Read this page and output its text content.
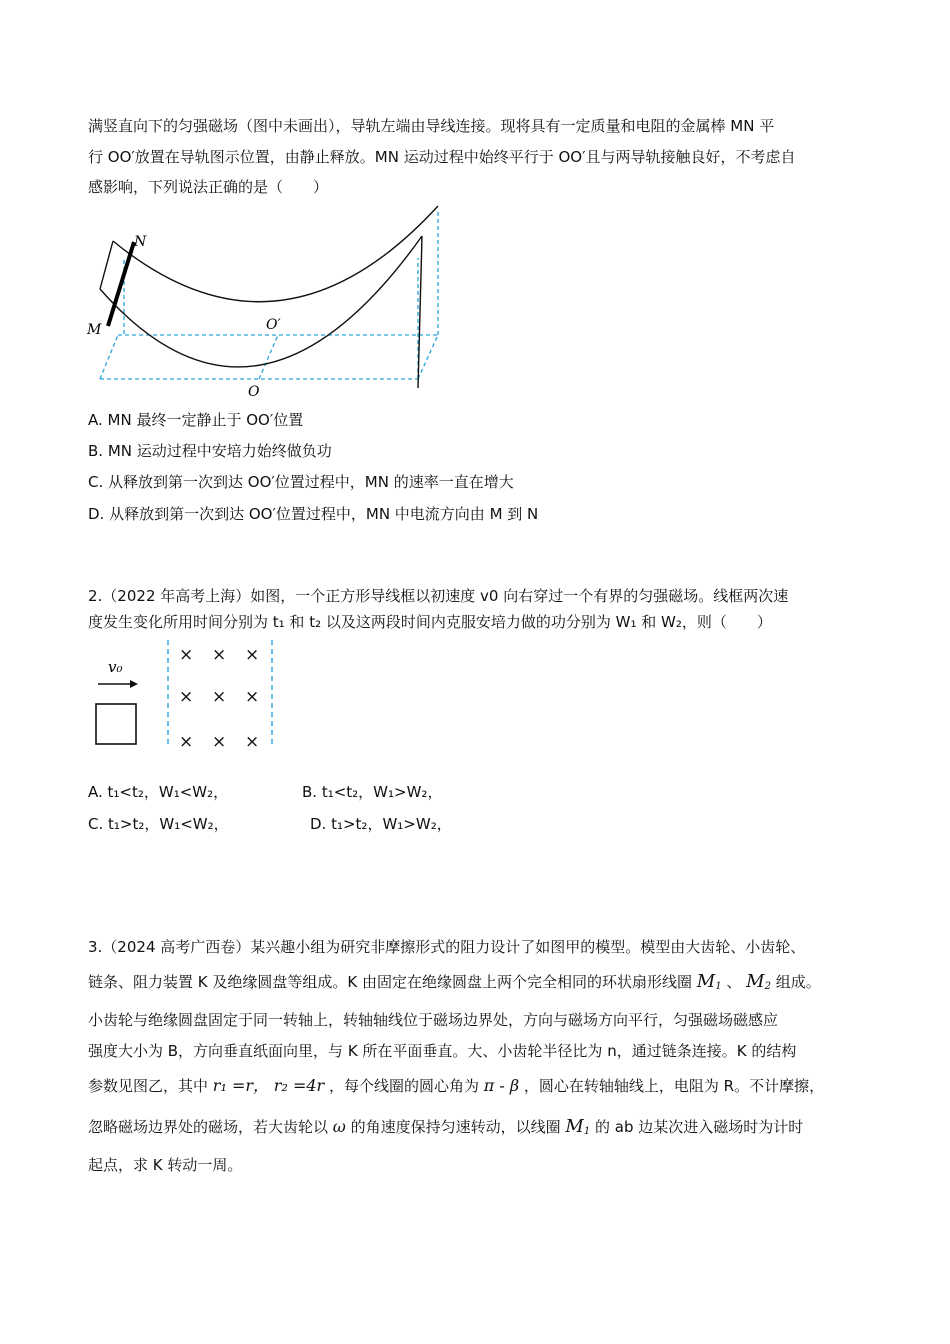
满竖直向下的匀强磁场（图中未画出），导轨左端由导线连接。现将具有一定质量和电阻的金属棒 MN 平
行 OO′放置在导轨图示位置，由静止释放。MN 运动过程中始终平行于 OO′且与两导轨接触良好，不考虑自
感影响，下列说法正确的是（　　）
N
M	O′
O
A. MN 最终一定静止于 OO′位置
B. MN 运动过程中安培力始终做负功
C. 从释放到第一次到达 OO′位置过程中，MN 的速率一直在增大
D. 从释放到第一次到达 OO′位置过程中，MN 中电流方向由 M 到 N
2.（2022 年高考上海）如图，一个正方形导线框以初速度 v0 向右穿过一个有界的匀强磁场。线框两次速
度发生变化所用时间分别为 t₁ 和 t₂ 以及这两段时间内克服安培力做的功分别为 W₁ 和 W₂，则（　　）
v₀
× × ×
× × ×
× × ×
A. t₁<t₂，W₁<W₂，	B. t₁<t₂，W₁>W₂，
C. t₁>t₂，W₁<W₂，	D. t₁>t₂，W₁>W₂，
3.（2024 高考广西卷）某兴趣小组为研究非摩擦形式的阻力设计了如图甲的模型。模型由大齿轮、小齿轮、
链条、阻力装置 K 及绝缘圆盘等组成。K 由固定在绝缘圆盘上两个完全相同的环状扇形线圈 $M_1$ 、 $M_2$ 组成。
小齿轮与绝缘圆盘固定于同一转轴上，转轴轴线位于磁场边界处，方向与磁场方向平行，匀强磁场磁感应
强度大小为 B，方向垂直纸面向里，与 K 所在平面垂直。大、小齿轮半径比为 n，通过链条连接。K 的结构
参数见图乙，其中 r₁ =r， r₂ =4r ，每个线圈的圆心角为 π - β ，圆心在转轴轴线上，电阻为 R。不计摩擦，
忽略磁场边界处的磁场，若大齿轮以 ω 的角速度保持匀速转动，以线圈 $M_1$ 的 ab 边某次进入磁场时为计时
起点，求 K 转动一周。
